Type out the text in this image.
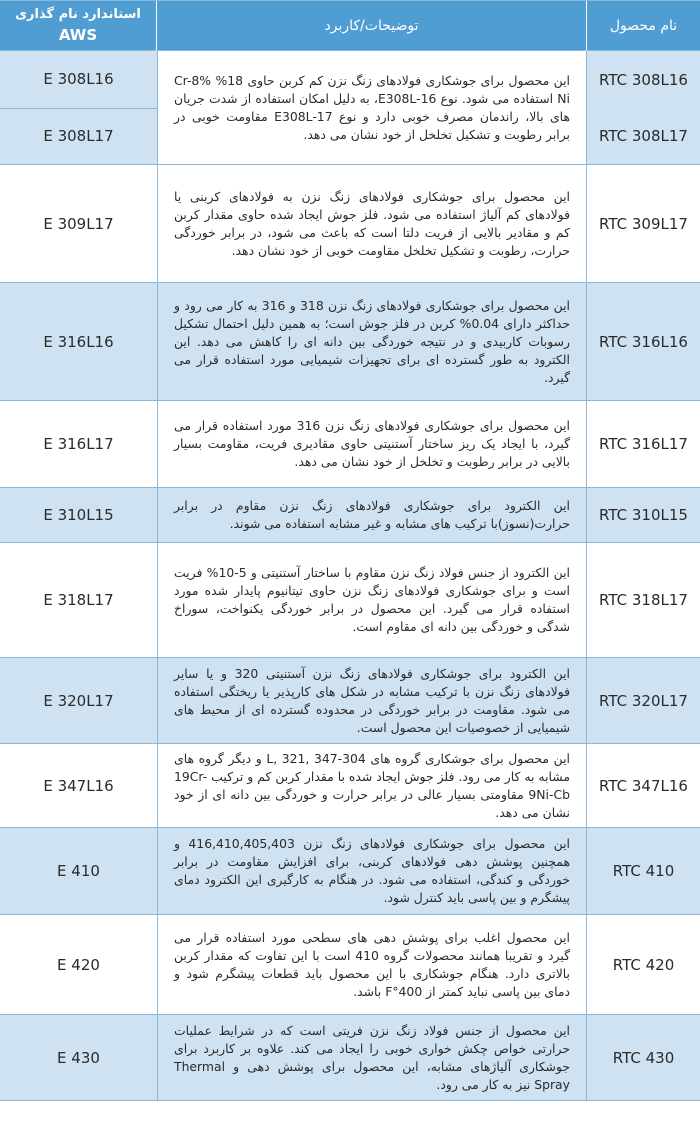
استاندارد نام گذاری
AWS
توضیحات/کاربرد	نام محصول
E 308L16
E 308L17

این محصول برای جوشکاری فولادهای زنگ نزن کم کربن حاوی 18% Cr-8% Ni استفاده می شود. نوع E308L-16، به دلیل امکان استفاده از شدت جریان های بالا، راندمان مصرف خوبی دارد و نوع E308L-17 مقاومت خوبی در برابر رطوبت و تشکیل تخلخل از خود نشان می دهد.

RTC 308L16
RTC 308L17
E 309L17

این محصول برای جوشکاری فولادهای زنگ نزن به فولادهای کربنی یا فولادهای کم آلیاژ استفاده می شود. فلز جوش ایجاد شده حاوی مقدار کربن کم و مقادیر بالایی از فریت دلتا است که باعث می شود، در برابر خوردگی حرارت، رطوبت و تشکیل تخلخل مقاومت خوبی از خود نشان دهد.

RTC 309L17
E 316L16

این محصول برای جوشکاری فولادهای زنگ نزن 318 و 316 به کار می رود و حداکثر دارای 0.04% کربن در فلز جوش است؛ به همین دلیل احتمال تشکیل رسوبات کاربیدی و در نتیجه خوردگی بین دانه ای را کاهش می دهد. این الکترود به طور گسترده ای برای تجهیزات شیمیایی مورد استفاده قرار می گیرد.

RTC 316L16
E 316L17

این محصول برای جوشکاری فولادهای زنگ نزن 316 مورد استفاده قرار می گیرد، با ایجاد یک ریز ساختار آستنیتی حاوی مقادیری فریت، مقاومت بسیار بالایی در برابر رطوبت و تخلخل از خود نشان می دهد.

RTC 316L17
E 310L15

این الکترود برای جوشکاری فولادهای زنگ نزن مقاوم در برابر حرارت(نسوز)با ترکیب های مشابه و غیر مشابه استفاده می شوند. RTC 310L15
E 318L17

این الکترود از جنس فولاد زنگ نزن مقاوم با ساختار آستنیتی و 5-10% فریت است و برای جوشکاری فولادهای زنگ نزن حاوی تیتانیوم پایدار شده مورد استفاده قرار می گیرد. این محصول در برابر خوردگی یکنواخت، سوراخ شدگی و خوردگی بین دانه ای مقاوم است.

RTC 318L17
E 320L17

این الکترود برای جوشکاری فولادهای زنگ نزن آستنیتی 320 و یا سایر فولادهای زنگ نزن با ترکیب مشابه در شکل های کارپذیر یا ریختگی استفاده می شود. مقاومت در برابر خوردگی در محدوده گسترده ای از محیط های شیمیایی از خصوصیات این محصول است.

RTC 320L17
E 347L16

این محصول برای جوشکاری گروه های 304-L, 321, 347 و دیگر گروه های مشابه به کار می رود. فلز جوش ایجاد شده با مقدار کربن کم و ترکیب 19Cr-9Ni-Cb مقاومتی بسیار عالی در برابر حرارت و خوردگی بین دانه ای از خود نشان می دهد.

RTC 347L16
E 410

این محصول برای جوشکاری فولادهای زنگ نزن 416,410,405,403 و همچنین پوشش دهی فولادهای کربنی، برای افزایش مقاومت در برابر خوردگی و کندگی، استفاده می شود. در هنگام به کارگیری این الکترود دمای پیشگرم و بین پاسی باید کنترل شود.

RTC 410
E 420

این محصول اغلب برای پوشش دهی های سطحی مورد استفاده قرار می گیرد و تقریبا همانند محصولات گروه 410 است با این تفاوت که مقدار کربن بالاتری دارد. هنگام جوشکاری با این محصول باید قطعات پیشگرم شود و دمای بین پاسی نباید کمتر از 400°F باشد.

RTC 420
E 430

این محصول از جنس فولاد زنگ نزن فریتی است که در شرایط عملیات حرارتی خواص چکش خواری خوبی را ایجاد می کند. علاوه بر کاربرد برای جوشکاری آلیاژهای مشابه، این محصول برای پوشش دهی و Thermal Spray نیز به کار می رود.

RTC 430
